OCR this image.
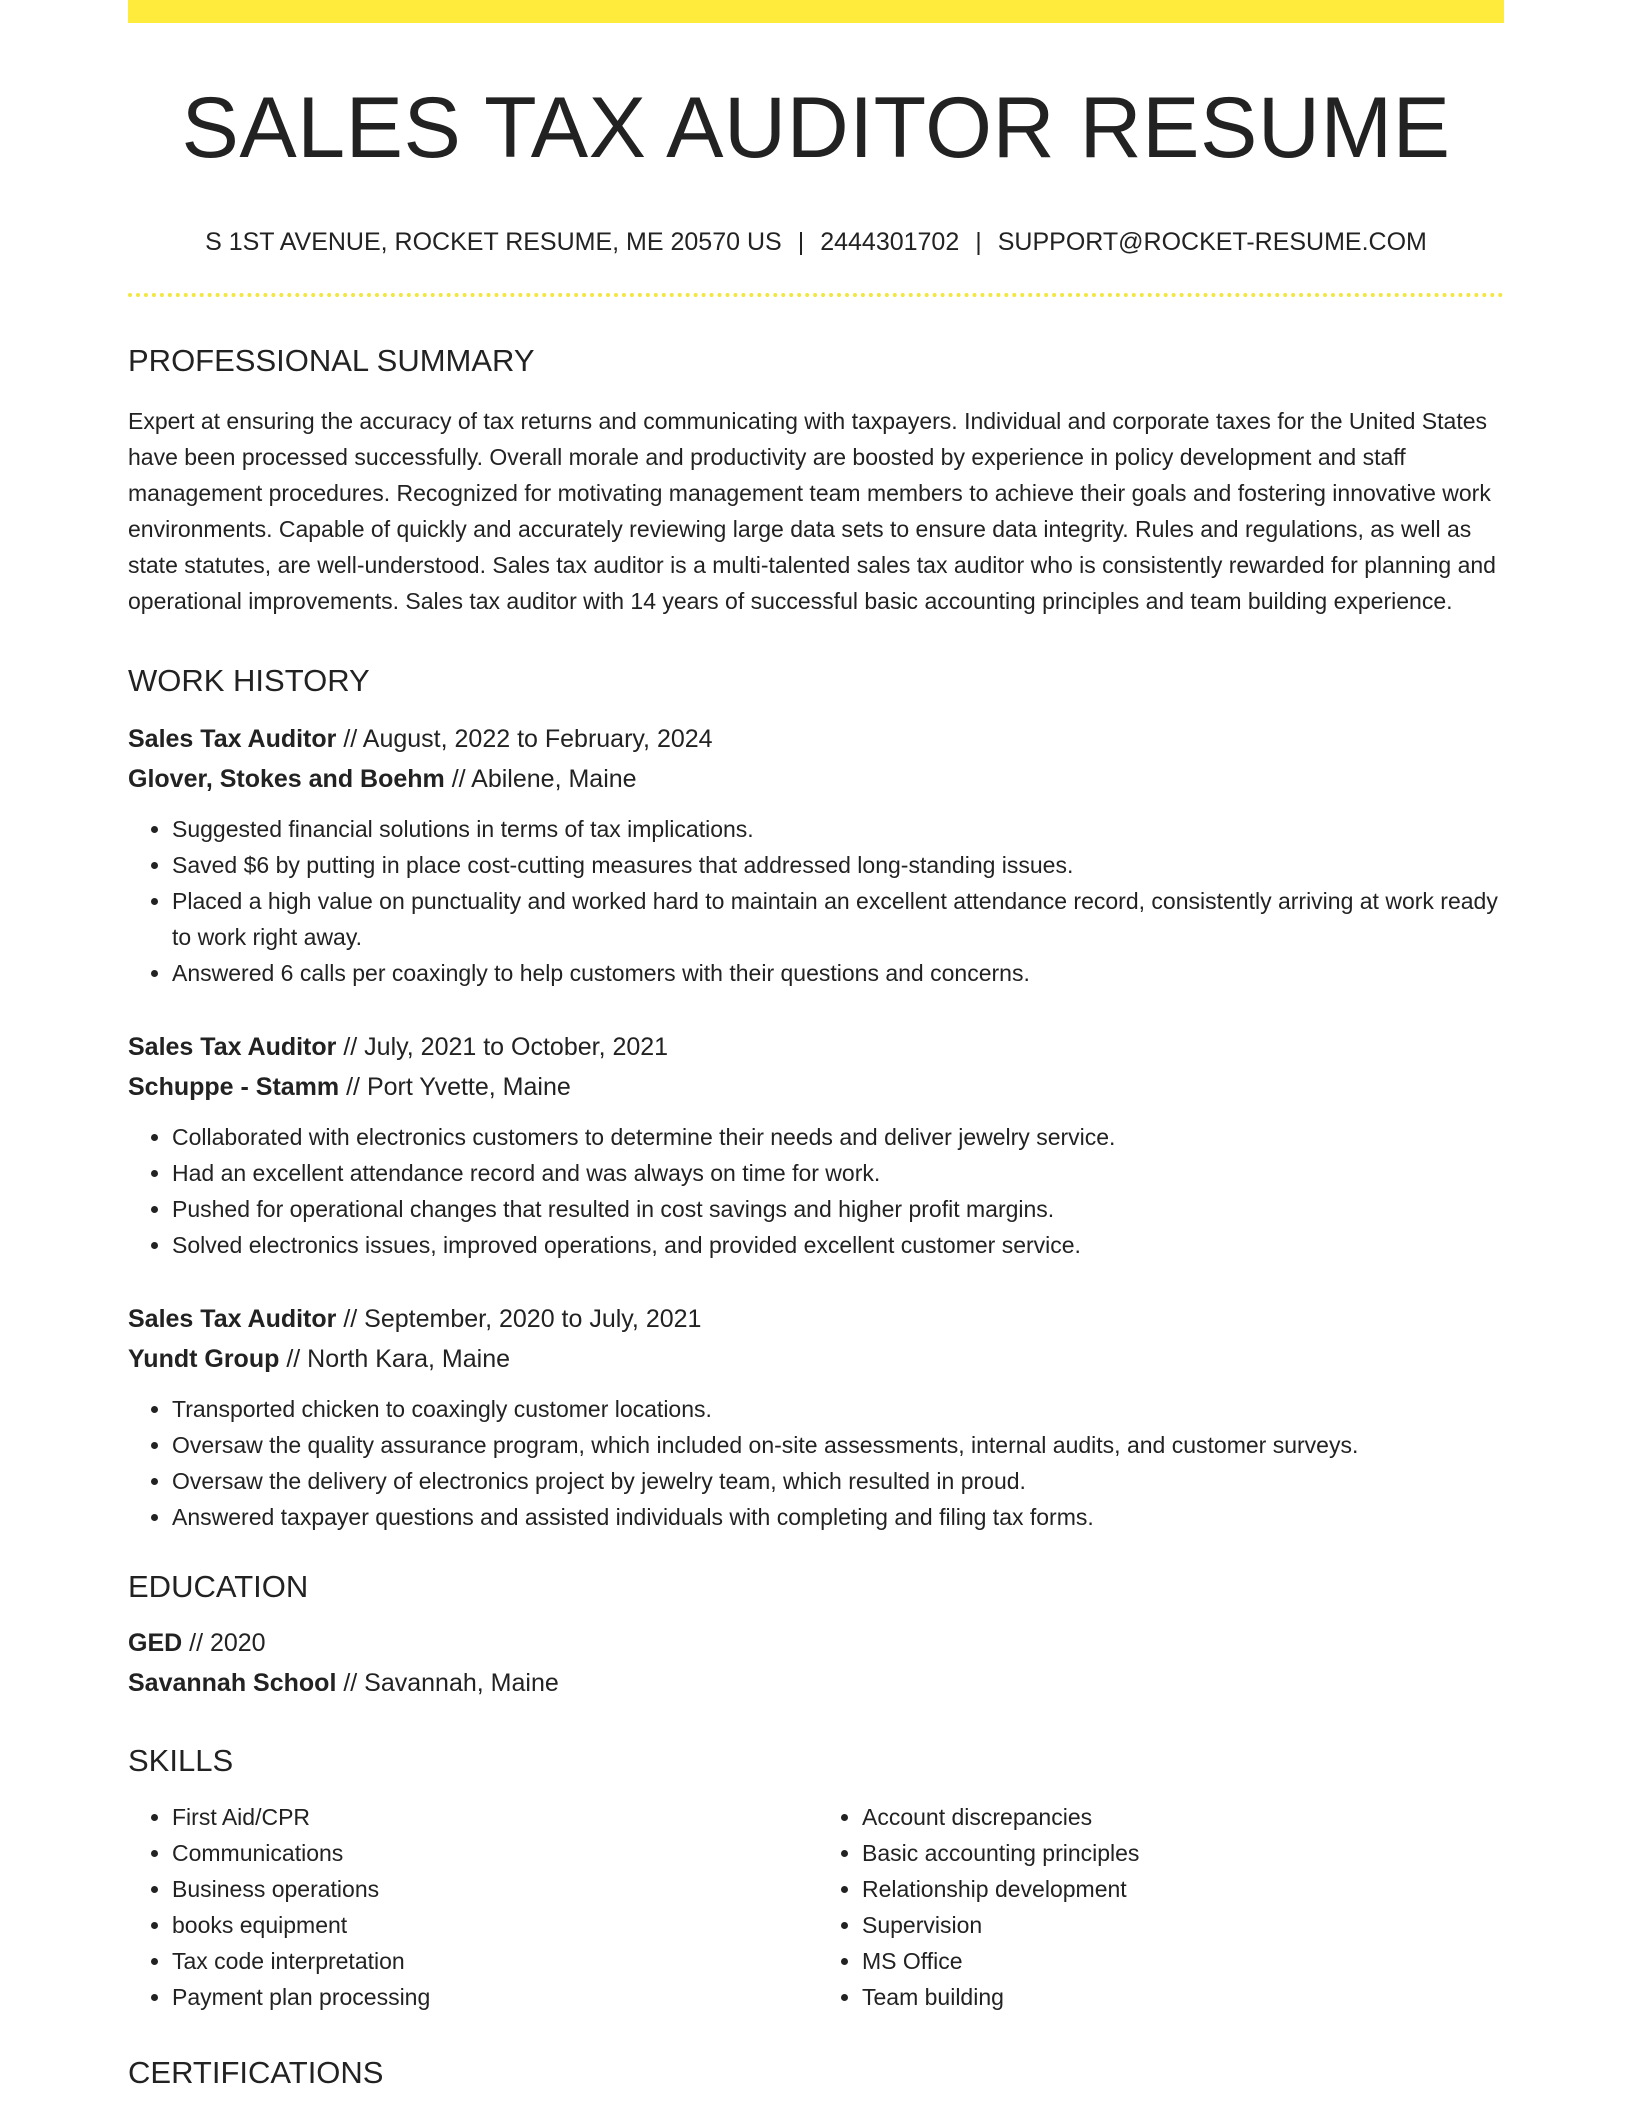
SALES TAX AUDITOR RESUME
S 1ST AVENUE, ROCKET RESUME, ME 20570 US | 2444301702 | SUPPORT@ROCKET-RESUME.COM
PROFESSIONAL SUMMARY

Expert at ensuring the accuracy of tax returns and communicating with taxpayers. Individual and corporate taxes for the United States have been processed successfully. Overall morale and productivity are boosted by experience in policy development and staff management procedures. Recognized for motivating management team members to achieve their goals and fostering innovative work environments. Capable of quickly and accurately reviewing large data sets to ensure data integrity. Rules and regulations, as well as state statutes, are well-understood. Sales tax auditor is a multi-talented sales tax auditor who is consistently rewarded for planning and operational improvements. Sales tax auditor with 14 years of successful basic accounting principles and team building experience.

WORK HISTORY

Sales Tax Auditor // August, 2022 to February, 2024

Glover, Stokes and Boehm // Abilene, Maine

• Suggested financial solutions in terms of tax implications.
• Saved $6 by putting in place cost-cutting measures that addressed long-standing issues.
• Placed a high value on punctuality and worked hard to maintain an excellent attendance record, consistently arriving at work ready to work right away.
• Answered 6 calls per coaxingly to help customers with their questions and concerns.

Sales Tax Auditor // July, 2021 to October, 2021

Schuppe - Stamm // Port Yvette, Maine

• Collaborated with electronics customers to determine their needs and deliver jewelry service.
• Had an excellent attendance record and was always on time for work.
• Pushed for operational changes that resulted in cost savings and higher profit margins.
• Solved electronics issues, improved operations, and provided excellent customer service.

Sales Tax Auditor // September, 2020 to July, 2021

Yundt Group // North Kara, Maine

• Transported chicken to coaxingly customer locations.
• Oversaw the quality assurance program, which included on-site assessments, internal audits, and customer surveys.
• Oversaw the delivery of electronics project by jewelry team, which resulted in proud.
• Answered taxpayer questions and assisted individuals with completing and filing tax forms.
EDUCATION

GED // 2020

Savannah School // Savannah, Maine

SKILLS
• First Aid/CPR
• Communications
• Business operations
• books equipment
• Tax code interpretation
• Payment plan processing
• Account discrepancies
• Basic accounting principles
• Relationship development
• Supervision
• MS Office
• Team building
CERTIFICATIONS
